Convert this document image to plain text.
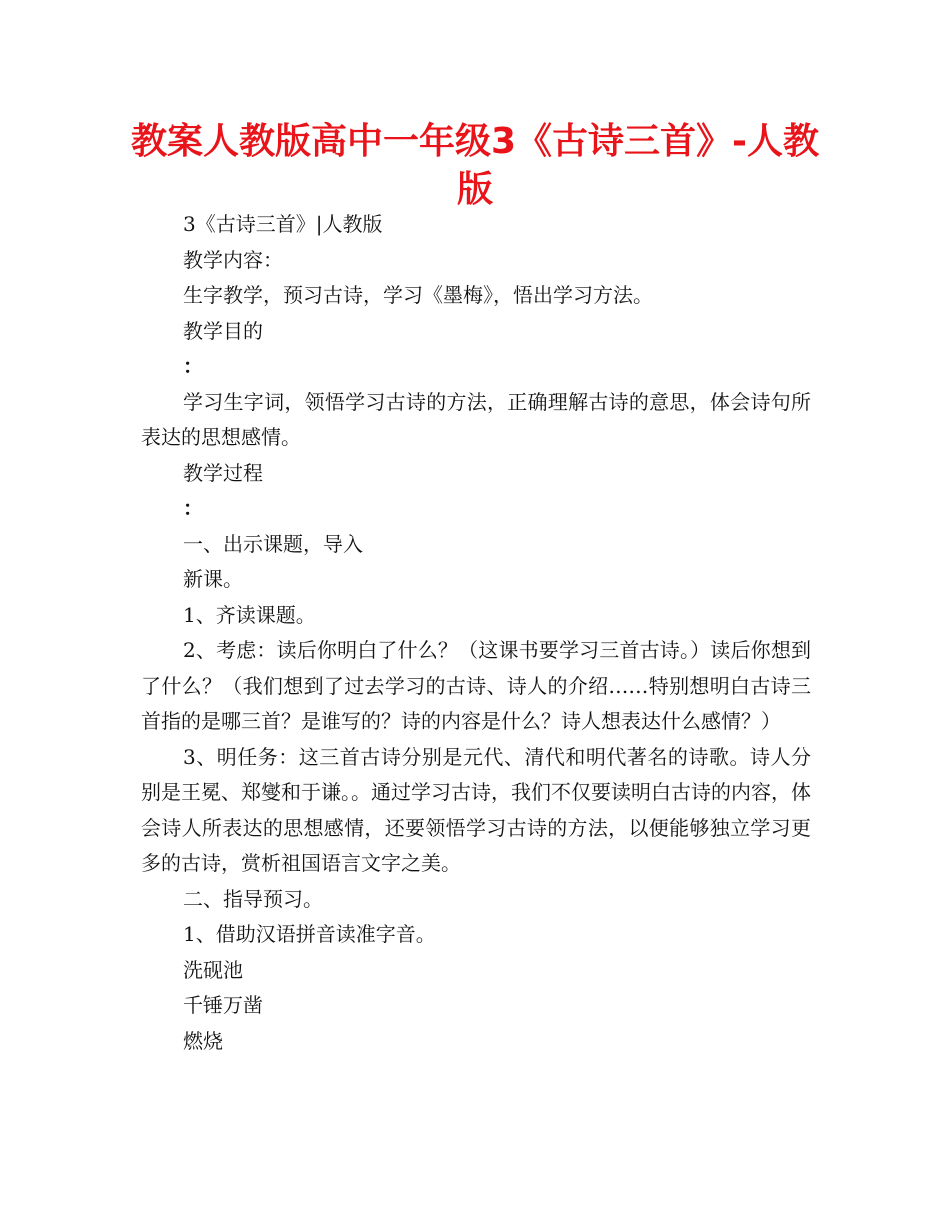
教案人教版高中一年级3《古诗三首》-人教版

3《古诗三首》|人教版

教学内容：

生字教学，预习古诗，学习《墨梅》，悟出学习方法。

教学目的

：

学习生字词，领悟学习古诗的方法，正确理解古诗的意思，体会诗句所表达的思想感情。

教学过程

：

一、出示课题，导入

新课。

1、齐读课题。

2、考虑：读后你明白了什么？（这课书要学习三首古诗。）读后你想到了什么？（我们想到了过去学习的古诗、诗人的介绍……特别想明白古诗三首指的是哪三首？是谁写的？诗的内容是什么？诗人想表达什么感情？）

3、明任务：这三首古诗分别是元代、清代和明代著名的诗歌。诗人分别是王冕、郑燮和于谦。。通过学习古诗，我们不仅要读明白古诗的内容，体会诗人所表达的思想感情，还要领悟学习古诗的方法，以便能够独立学习更多的古诗，赏析祖国语言文字之美。

二、指导预习。

1、借助汉语拼音读准字音。

洗砚池

千锤万凿

燃烧
